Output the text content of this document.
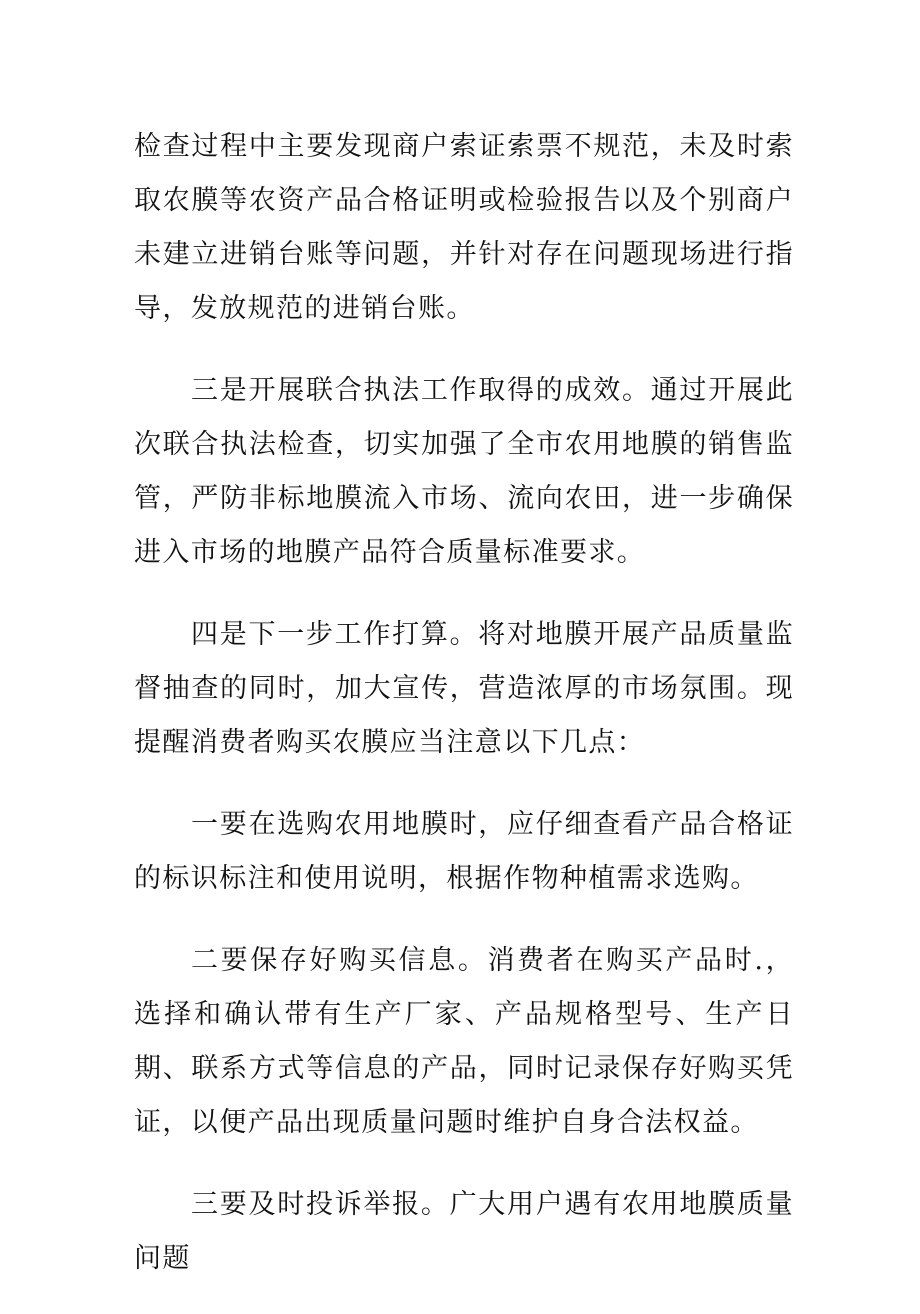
检查过程中主要发现商户索证索票不规范，未及时索取农膜等农资产品合格证明或检验报告以及个别商户未建立进销台账等问题，并针对存在问题现场进行指导，发放规范的进销台账。

三是开展联合执法工作取得的成效。通过开展此次联合执法检查，切实加强了全市农用地膜的销售监管，严防非标地膜流入市场、流向农田，进一步确保进入市场的地膜产品符合质量标准要求。

四是下一步工作打算。将对地膜开展产品质量监督抽查的同时，加大宣传，营造浓厚的市场氛围。现提醒消费者购买农膜应当注意以下几点：

一要在选购农用地膜时，应仔细查看产品合格证的标识标注和使用说明，根据作物种植需求选购。

二要保存好购买信息。消费者在购买产品时.，选择和确认带有生产厂家、产品规格型号、生产日期、联系方式等信息的产品，同时记录保存好购买凭证，以便产品出现质量问题时维护自身合法权益。

三要及时投诉举报。广大用户遇有农用地膜质量问题
